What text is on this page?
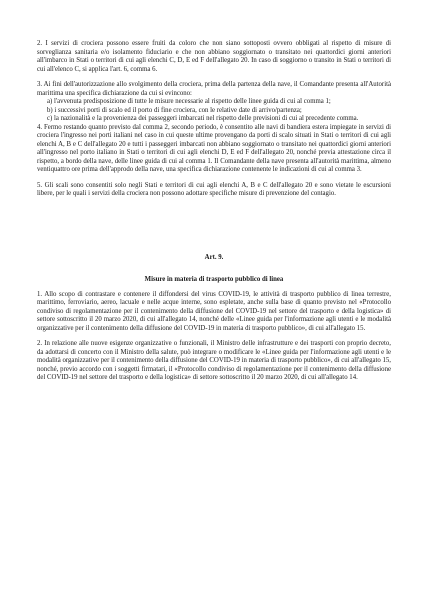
2. I servizi di crociera possono essere fruiti da coloro che non siano sottoposti ovvero obbligati al rispetto di misure di sorveglianza sanitaria e/o isolamento fiduciario e che non abbiano soggiornato o transitato nei quattordici giorni anteriori all'imbarco in Stati o territori di cui agli elenchi C, D, E ed F dell'allegato 20. In caso di soggiorno o transito in Stati o territori di cui all'elenco C, si applica l'art. 6, comma 6.

3. Ai fini dell'autorizzazione allo svolgimento della crociera, prima della partenza della nave, il Comandante presenta all'Autorità marittima una specifica dichiarazione da cui si evincono:

a) l'avvenuta predisposizione di tutte le misure necessarie al rispetto delle linee guida di cui al comma 1;

b) i successivi porti di scalo ed il porto di fine crociera, con le relative date di arrivo/partenza;

c) la nazionalità e la provenienza dei passeggeri imbarcati nel rispetto delle previsioni di cui al precedente comma.

4. Fermo restando quanto previsto dal comma 2, secondo periodo, è consentito alle navi di bandiera estera impiegate in servizi di crociera l'ingresso nei porti italiani nel caso in cui queste ultime provengano da porti di scalo situati in Stati o territori di cui agli elenchi A, B e C dell'allegato 20 e tutti i passeggeri imbarcati non abbiano soggiornato o transitato nei quattordici giorni anteriori all'ingresso nel porto italiano in Stati o territori di cui agli elenchi D, E ed F dell'allegato 20, nonché previa attestazione circa il rispetto, a bordo della nave, delle linee guida di cui al comma 1. Il Comandante della nave presenta all'autorità marittima, almeno ventiquattro ore prima dell'approdo della nave, una specifica dichiarazione contenente le indicazioni di cui al comma 3.

5. Gli scali sono consentiti solo negli Stati e territori di cui agli elenchi A, B e C dell'allegato 20 e sono vietate le escursioni libere, per le quali i servizi della crociera non possono adottare specifiche misure di prevenzione del contagio.

Art. 9.

Misure in materia di trasporto pubblico di linea

1. Allo scopo di contrastare e contenere il diffondersi del virus COVID-19, le attività di trasporto pubblico di linea terrestre, marittimo, ferroviario, aereo, lacuale e nelle acque interne, sono espletate, anche sulla base di quanto previsto nel «Protocollo condiviso di regolamentazione per il contenimento della diffusione del COVID-19 nel settore del trasporto e della logistica» di settore sottoscritto il 20 marzo 2020, di cui all'allegato 14, nonché delle «Linee guida per l'informazione agli utenti e le modalità organizzative per il contenimento della diffusione del COVID-19 in materia di trasporto pubblico», di cui all'allegato 15.

2. In relazione alle nuove esigenze organizzative o funzionali, il Ministro delle infrastrutture e dei trasporti con proprio decreto, da adottarsi di concerto con il Ministro della salute, può integrare o modificare le «Linee guida per l'informazione agli utenti e le modalità organizzative per il contenimento della diffusione del COVID-19 in materia di trasporto pubblico», di cui all'allegato 15, nonché, previo accordo con i soggetti firmatari, il «Protocollo condiviso di regolamentazione per il contenimento della diffusione del COVID-19 nel settore del trasporto e della logistica» di settore sottoscritto il 20 marzo 2020, di cui all'allegato 14.
